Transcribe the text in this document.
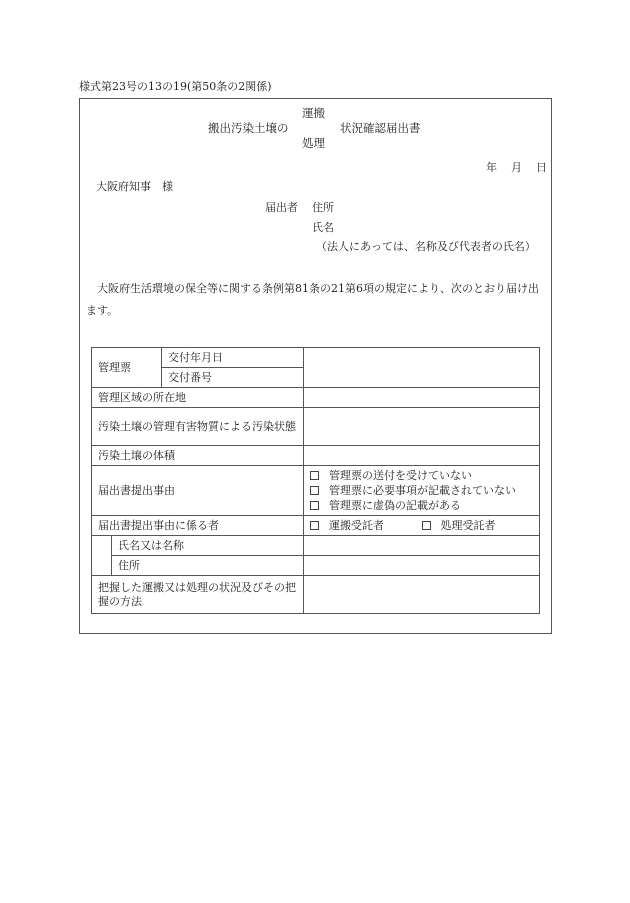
様式第23号の13の19(第50条の2関係)
運搬
搬出汚染土壌の	状況確認届出書
処理
年 月 日
大阪府知事　様
届出者 住所
氏名
（法人にあっては、名称及び代表者の氏名）
大阪府生活環境の保全等に関する条例第81条の21第6項の規定により、次のとおり届け出ます。
管理票		交付年月日	
		交付番号	
管理区域の所在地			
汚染土壌の管理有害物質による汚染状態			
汚染土壌の体積			
届出書提出事由			管理票の送付を受けていない
管理票に必要事項が記載されていない
管理票に虚偽の記載がある

届出書提出事由に係る者			運搬受託者 処理受託者
	氏名又は名称		
	住所		
把握した運搬又は処理の状況及びその把握の方法			
